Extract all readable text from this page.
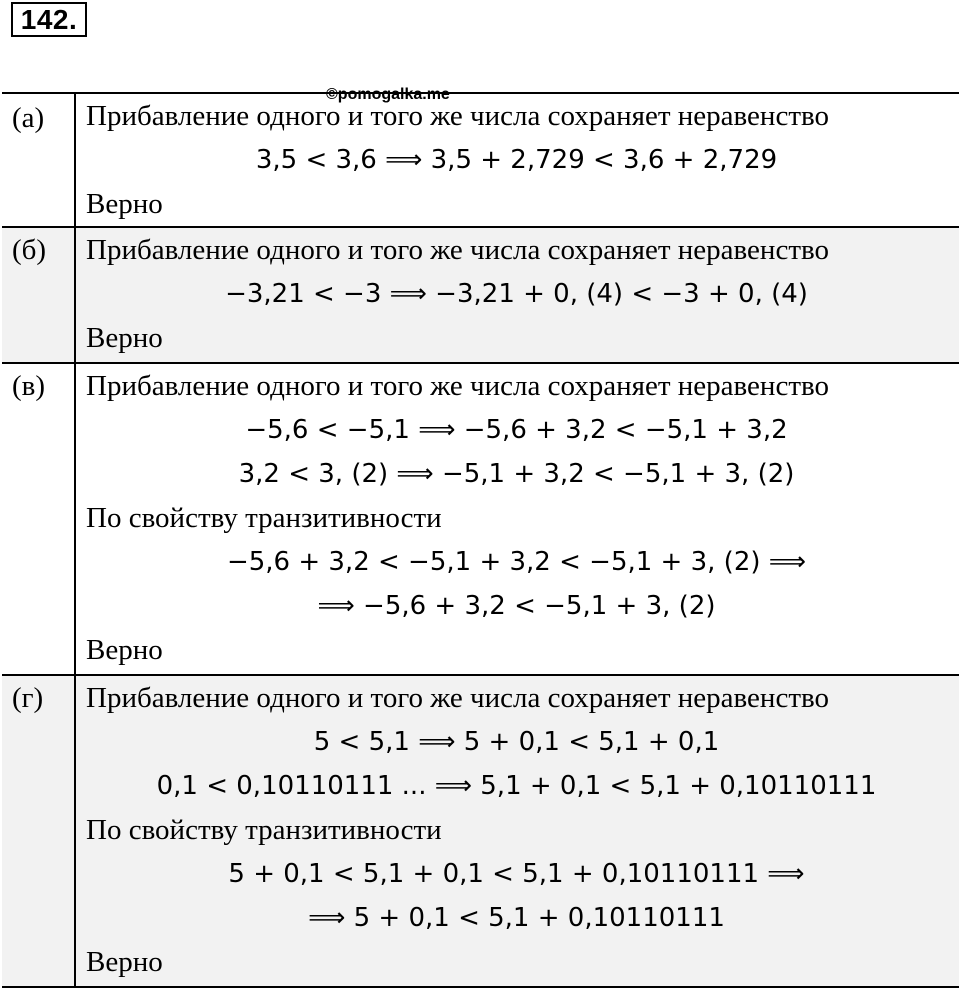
142.
(а) Прибавление одного и того же числа сохраняет неравенство
3,5 < 3,6 ⟹ 3,5 + 2,729 < 3,6 + 2,729
Верно
(б) Прибавление одного и того же числа сохраняет неравенство
−3,21 < −3 ⟹ −3,21 + 0, (4) < −3 + 0, (4)
Верно
(в) Прибавление одного и того же числа сохраняет неравенство
−5,6 < −5,1 ⟹ −5,6 + 3,2 < −5,1 + 3,2
3,2 < 3, (2) ⟹ −5,1 + 3,2 < −5,1 + 3, (2)
По свойству транзитивности
−5,6 + 3,2 < −5,1 + 3,2 < −5,1 + 3, (2) ⟹
⟹ −5,6 + 3,2 < −5,1 + 3, (2)
Верно
(г) Прибавление одного и того же числа сохраняет неравенство
5 < 5,1 ⟹ 5 + 0,1 < 5,1 + 0,1
0,1 < 0,10110111 ... ⟹ 5,1 + 0,1 < 5,1 + 0,10110111
По свойству транзитивности
5 + 0,1 < 5,1 + 0,1 < 5,1 + 0,10110111 ⟹
⟹ 5 + 0,1 < 5,1 + 0,10110111
Верно
©pomogalka.me
